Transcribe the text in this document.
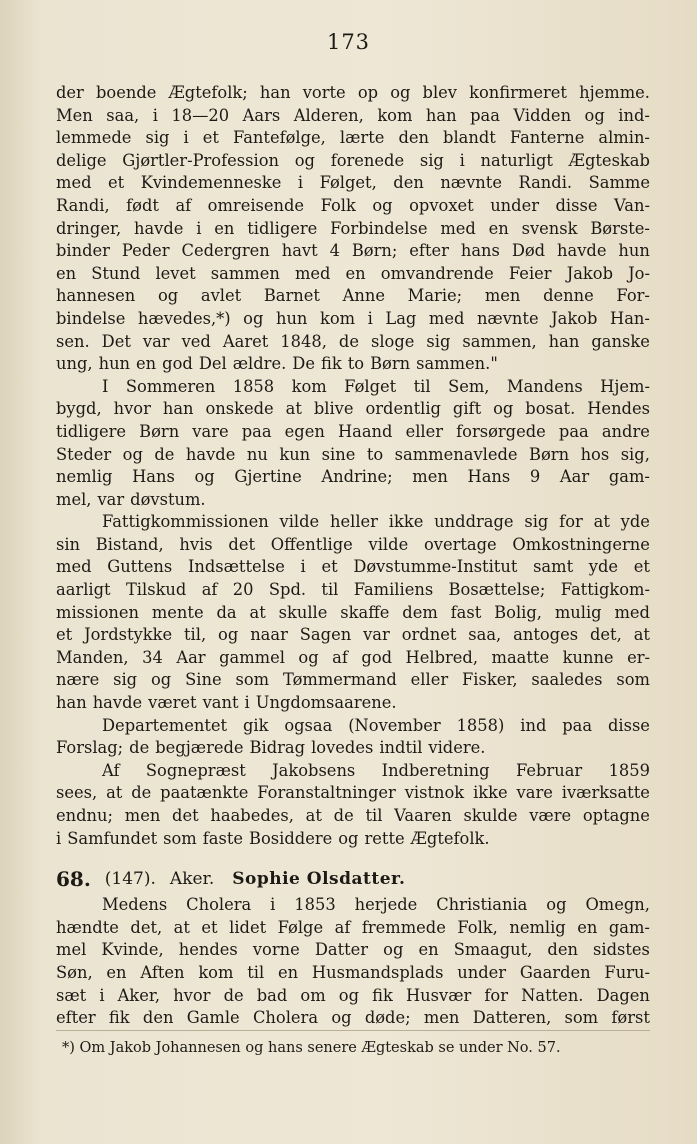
173
der boende Ægtefolk; han vorte op og blev konfirmeret hjemme.
Men saa, i 18—20 Aars Alderen, kom han paa Vidden og ind-
lemmede sig i et Fantefølge, lærte den blandt Fanterne almin-
delige Gjørtler-Profession og forenede sig i naturligt Ægteskab
med et Kvindemenneske i Følget, den nævnte Randi. Samme
Randi, født af omreisende Folk og opvoxet under disse Van-
dringer, havde i en tidligere Forbindelse med en svensk Børste-
binder Peder Cedergren havt 4 Børn; efter hans Død havde hun
en Stund levet sammen med en omvandrende Feier Jakob Jo-
hannesen og avlet Barnet Anne Marie; men denne For-
bindelse hævedes,*) og hun kom i Lag med nævnte Jakob Han-
sen. Det var ved Aaret 1848, de sloge sig sammen, han ganske
ung, hun en god Del ældre. De fik to Børn sammen."
I Sommeren 1858 kom Følget til Sem, Mandens Hjem-
bygd, hvor han onskede at blive ordentlig gift og bosat. Hendes
tidligere Børn vare paa egen Haand eller forsørgede paa andre
Steder og de havde nu kun sine to sammenavlede Børn hos sig,
nemlig Hans og Gjertine Andrine; men Hans 9 Aar gam-
mel, var døvstum.
Fattigkommissionen vilde heller ikke unddrage sig for at yde
sin Bistand, hvis det Offentlige vilde overtage Omkostningerne
med Guttens Indsættelse i et Døvstumme-Institut samt yde et
aarligt Tilskud af 20 Spd. til Familiens Bosættelse; Fattigkom-
missionen mente da at skulle skaffe dem fast Bolig, mulig med
et Jordstykke til, og naar Sagen var ordnet saa, antoges det, at
Manden, 34 Aar gammel og af god Helbred, maatte kunne er-
nære sig og Sine som Tømmermand eller Fisker, saaledes som
han havde været vant i Ungdomsaarene.
Departementet gik ogsaa (November 1858) ind paa disse
Forslag; de begjærede Bidrag lovedes indtil videre.
Af Sognepræst Jakobsens Indberetning Februar 1859
sees, at de paatænkte Foranstaltninger vistnok ikke vare iværksatte
endnu; men det haabedes, at de til Vaaren skulde være optagne
i Samfundet som faste Bosiddere og rette Ægtefolk.
68. (147). Aker. Sophie Olsdatter.
Medens Cholera i 1853 herjede Christiania og Omegn,
hændte det, at et lidet Følge af fremmede Folk, nemlig en gam-
mel Kvinde, hendes vorne Datter og en Smaagut, den sidstes
Søn, en Aften kom til en Husmandsplads under Gaarden Furu-
sæt i Aker, hvor de bad om og fik Husvær for Natten. Dagen
efter fik den Gamle Cholera og døde; men Datteren, som først
*) Om Jakob Johannesen og hans senere Ægteskab se under No. 57.
